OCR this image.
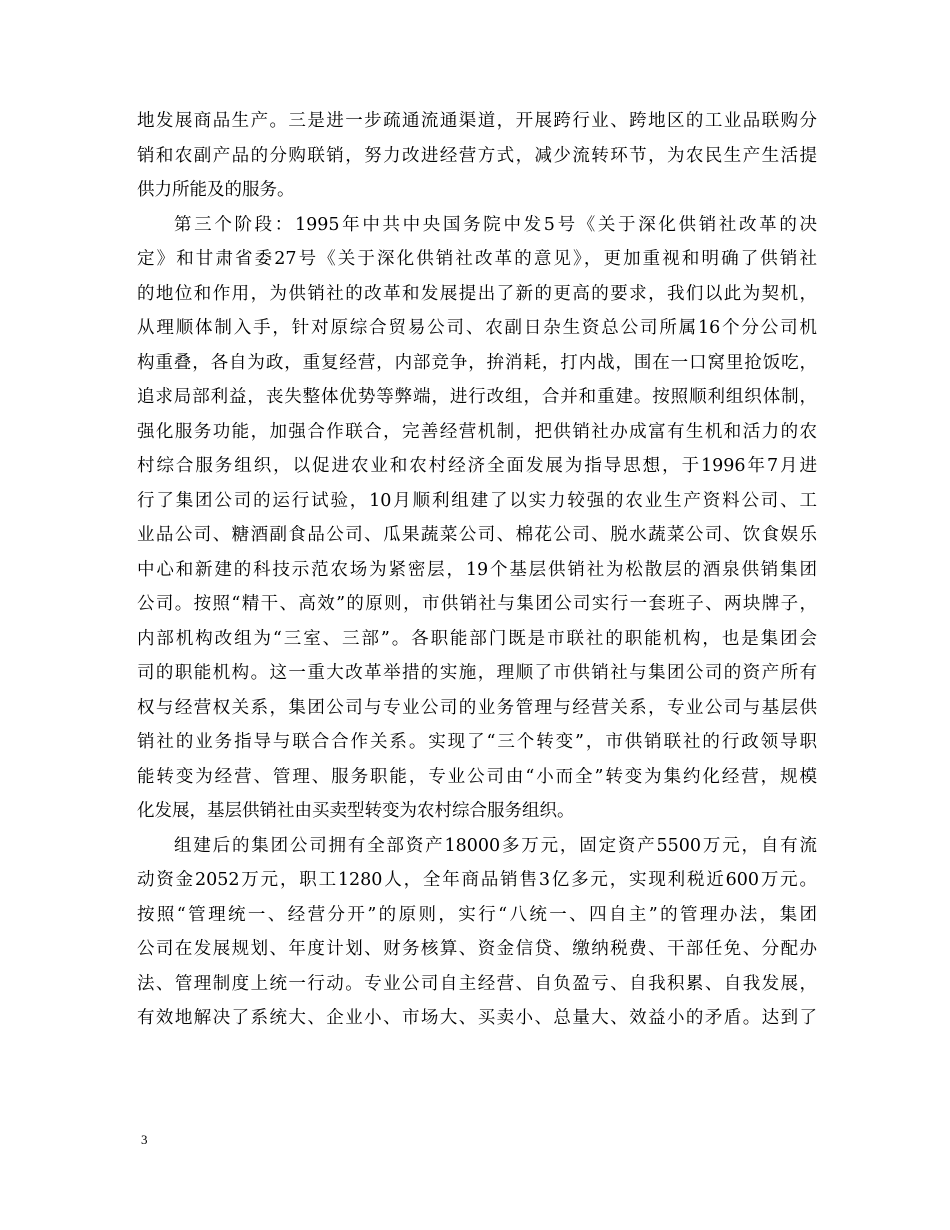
地发展商品生产。三是进一步疏通流通渠道，开展跨行业、跨地区的工业品联购分
销和农副产品的分购联销，努力改进经营方式，减少流转环节，为农民生产生活提
供力所能及的服务。
第三个阶段：1995年中共中央国务院中发5号《关于深化供销社改革的决
定》和甘肃省委27号《关于深化供销社改革的意见》，更加重视和明确了供销社
的地位和作用，为供销社的改革和发展提出了新的更高的要求，我们以此为契机，
从理顺体制入手，针对原综合贸易公司、农副日杂生资总公司所属16个分公司机
构重叠，各自为政，重复经营，内部竞争，拚消耗，打内战，围在一口窝里抢饭吃，
追求局部利益，丧失整体优势等弊端，进行改组，合并和重建。按照顺利组织体制，
强化服务功能，加强合作联合，完善经营机制，把供销社办成富有生机和活力的农
村综合服务组织，以促进农业和农村经济全面发展为指导思想，于1996年7月进
行了集团公司的运行试验，10月顺利组建了以实力较强的农业生产资料公司、工
业品公司、糖酒副食品公司、瓜果蔬菜公司、棉花公司、脱水蔬菜公司、饮食娱乐
中心和新建的科技示范农场为紧密层，19个基层供销社为松散层的酒泉供销集团
公司。按照“精干、高效”的原则，市供销社与集团公司实行一套班子、两块牌子，
内部机构改组为“三室、三部”。各职能部门既是市联社的职能机构，也是集团会
司的职能机构。这一重大改革举措的实施，理顺了市供销社与集团公司的资产所有
权与经营权关系，集团公司与专业公司的业务管理与经营关系，专业公司与基层供
销社的业务指导与联合合作关系。实现了“三个转变”，市供销联社的行政领导职
能转变为经营、管理、服务职能，专业公司由“小而全”转变为集约化经营，规模
化发展，基层供销社由买卖型转变为农村综合服务组织。
组建后的集团公司拥有全部资产18000多万元，固定资产5500万元，自有流
动资金2052万元，职工1280人，全年商品销售3亿多元，实现利税近600万元。
按照“管理统一、经营分开”的原则，实行“八统一、四自主”的管理办法，集团
公司在发展规划、年度计划、财务核算、资金信贷、缴纳税费、干部任免、分配办
法、管理制度上统一行动。专业公司自主经营、自负盈亏、自我积累、自我发展，
有效地解决了系统大、企业小、市场大、买卖小、总量大、效益小的矛盾。达到了
3
